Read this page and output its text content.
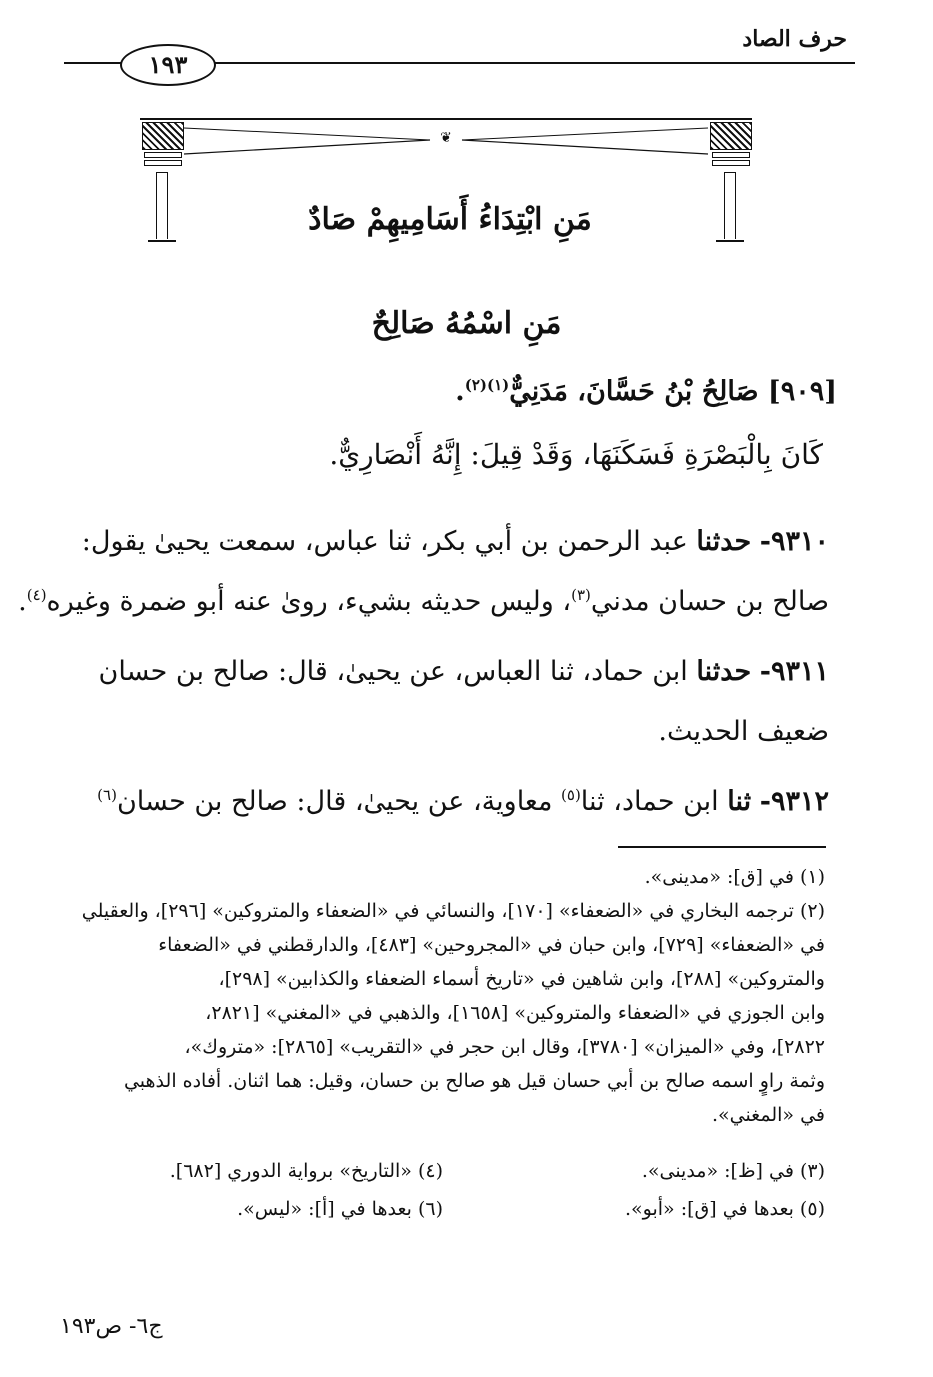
حرف الصاد
١٩٣
❦
مَنِ ابْتِدَاءُ أَسَامِيهِمْ صَادٌ
مَنِ اسْمُهُ صَالِحٌ
[٩٠٩] صَالِحُ بْنُ حَسَّانَ، مَدَنِيٌّ$^{(١)(٢)}$.
كَانَ بِالْبَصْرَةِ فَسَكَنَهَا، وَقَدْ قِيلَ: إِنَّهُ أَنْصَارِيٌّ.
٩٣١٠- حدثنا عبد الرحمن بن أبي بكر، ثنا عباس، سمعت يحيىٰ يقول:
صالح بن حسان مدني$^{(٣)}$، وليس حديثه بشيء، روىٰ عنه أبو ضمرة وغيره$^{(٤)}$.
٩٣١١- حدثنا ابن حماد، ثنا العباس، عن يحيىٰ، قال: صالح بن حسان
ضعيف الحديث.
٩٣١٢- ثنا ابن حماد، ثنا$^{(٥)}$ معاوية، عن يحيىٰ، قال: صالح بن حسان$^{(٦)}$
(١) في [ق]: «مدينى».
(٢) ترجمه البخاري في «الضعفاء» [١٧٠]، والنسائي في «الضعفاء والمتروكين» [٢٩٦]، والعقيلي
في «الضعفاء» [٧٢٩]، وابن حبان في «المجروحين» [٤٨٣]، والدارقطني في «الضعفاء
والمتروكين» [٢٨٨]، وابن شاهين في «تاريخ أسماء الضعفاء والكذابين» [٢٩٨]،
وابن الجوزي في «الضعفاء والمتروكين» [١٦٥٨]، والذهبي في «المغني» [٢٨٢١،
٢٨٢٢]، وفي «الميزان» [٣٧٨٠]، وقال ابن حجر في «التقريب» [٢٨٦٥]: «متروك»،
وثمة راوٍ اسمه صالح بن أبي حسان قيل هو صالح بن حسان، وقيل: هما اثنان. أفاده الذهبي
في «المغني».
(٣) في [ظ]: «مدينى».
(٤) «التاريخ» برواية الدوري [٦٨٢].
(٥) بعدها في [ق]: «أبو».
(٦) بعدها في [أ]: «ليس».
ج٦- ص١٩٣
